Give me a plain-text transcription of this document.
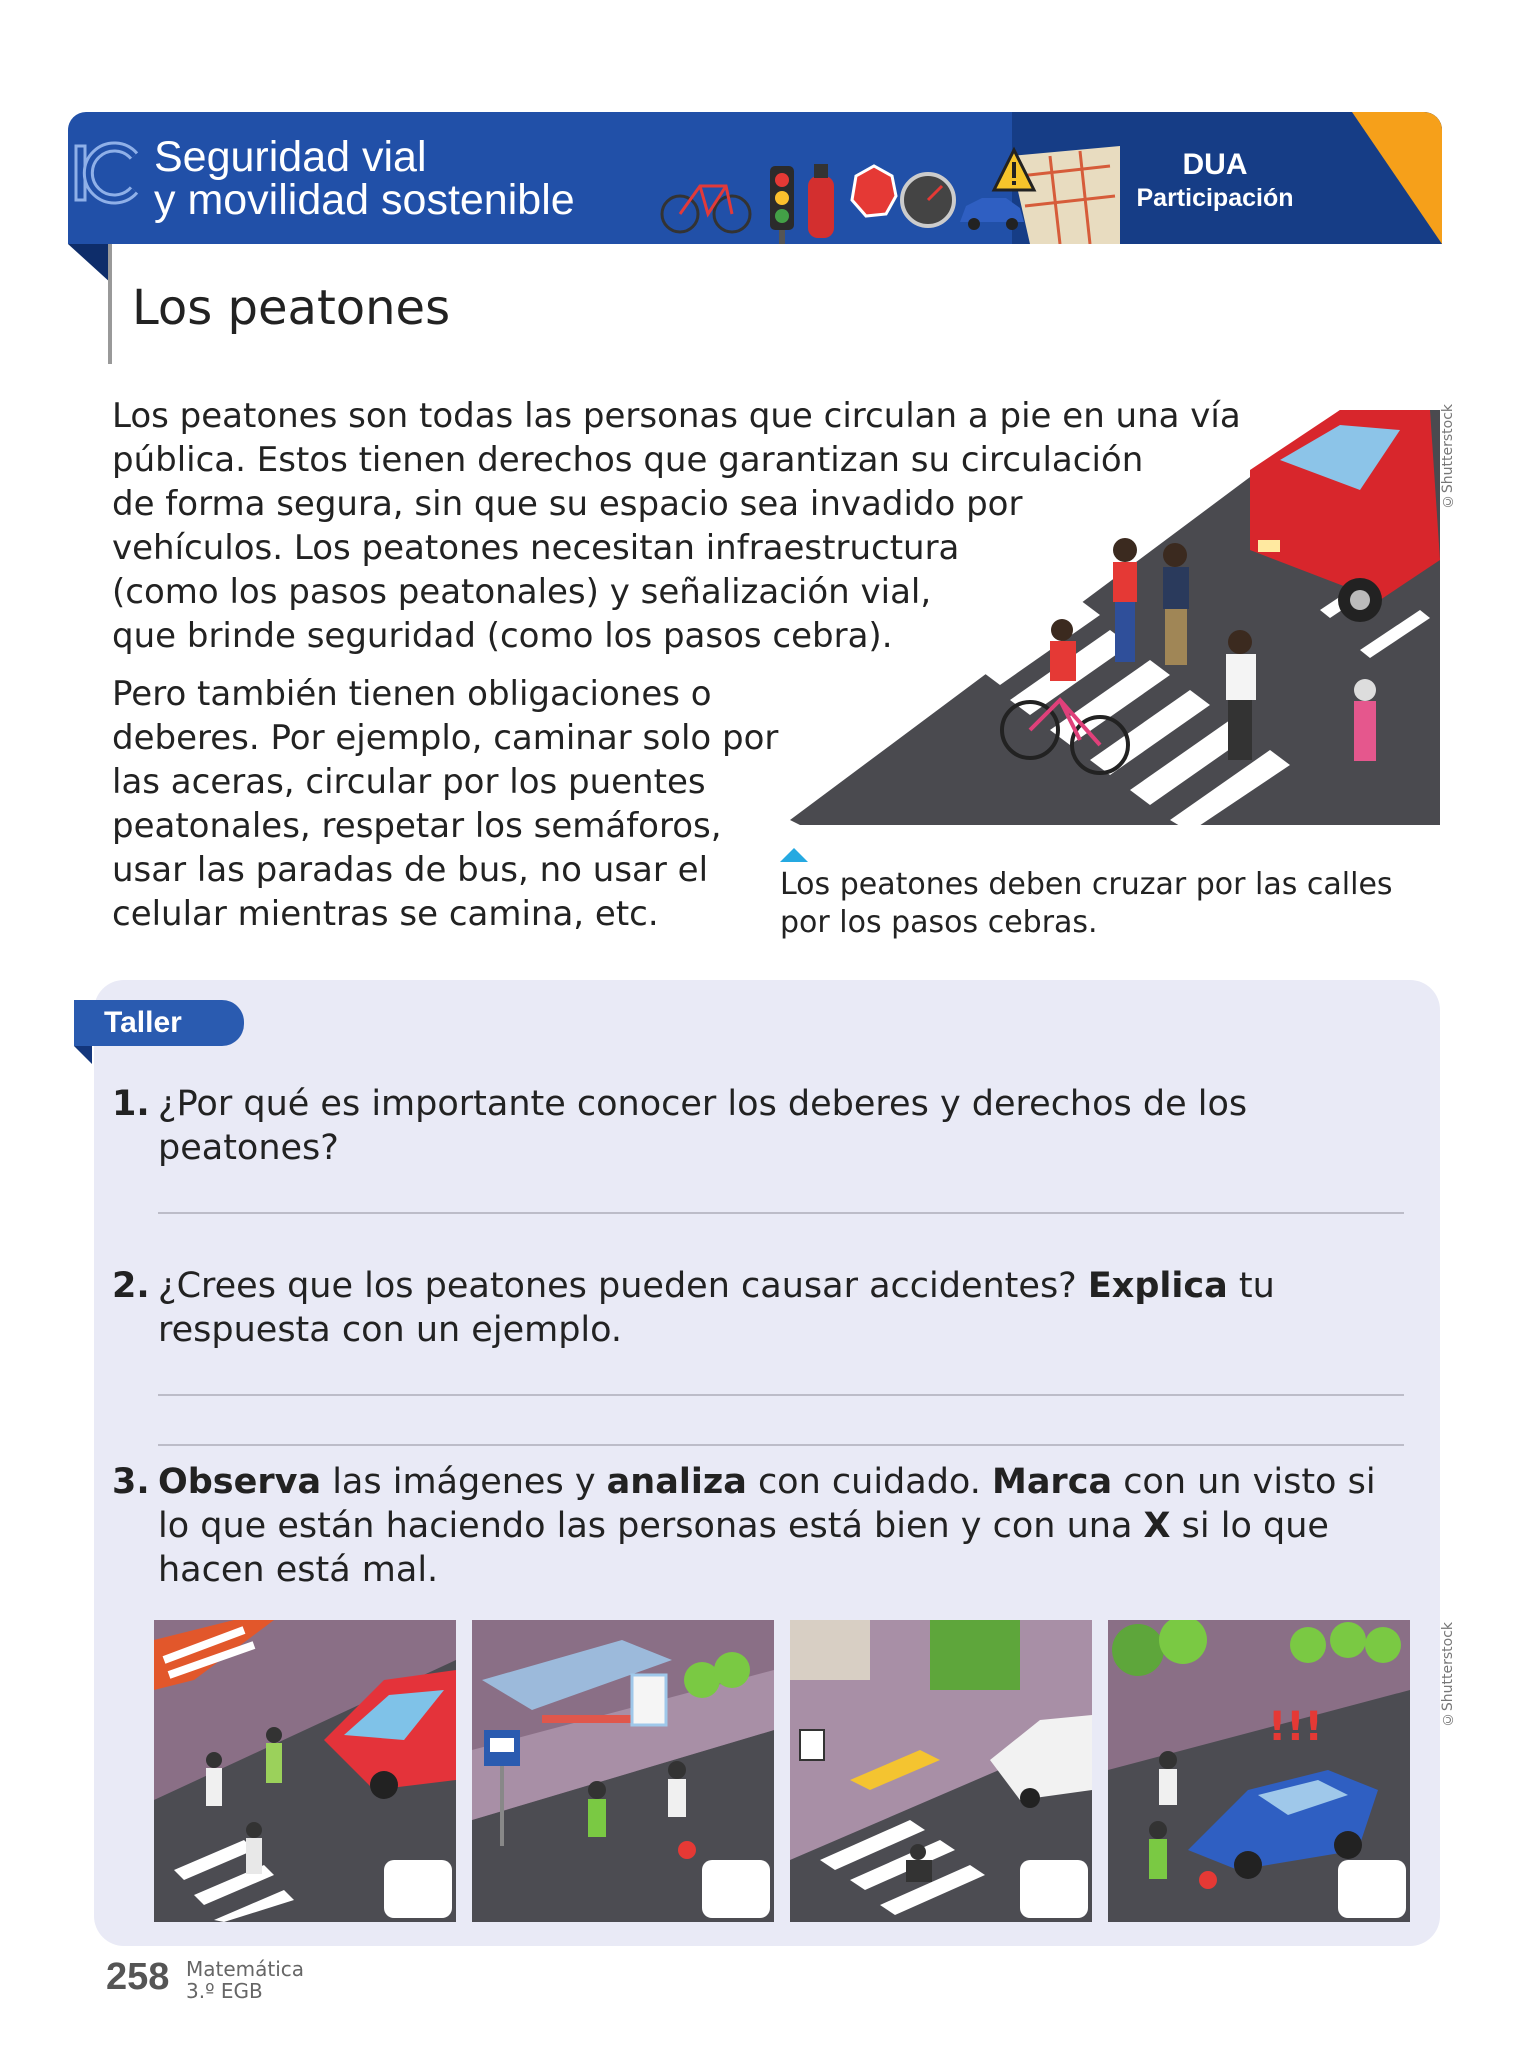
Seguridad vial
y movilidad sostenible
DUA
Participación
Los peatones
Los peatones son todas las personas que circulan a pie en una vía
pública. Estos tienen derechos que garantizan su circulación
de forma segura, sin que su espacio sea invadido por
vehículos. Los peatones necesitan infraestructura
(como los pasos peatonales) y señalización vial,
que brinde seguridad (como los pasos cebra).
Pero también tienen obligaciones o
deberes. Por ejemplo, caminar solo por
las aceras, circular por los puentes
peatonales, respetar los semáforos,
usar las paradas de bus, no usar el
celular mientras se camina, etc.
©Shutterstock
Los peatones deben cruzar por las calles
por los pasos cebras.
Taller
1. ¿Por qué es importante conocer los deberes y derechos de los
peatones?
2. ¿Crees que los peatones pueden causar accidentes? Explica tu
respuesta con un ejemplo.
3. Observa las imágenes y analiza con cuidado. Marca con un visto si
lo que están haciendo las personas está bien y con una X si lo que
hacen está mal.
!!!	©Shutterstock
258 Matemática
3.º EGB
